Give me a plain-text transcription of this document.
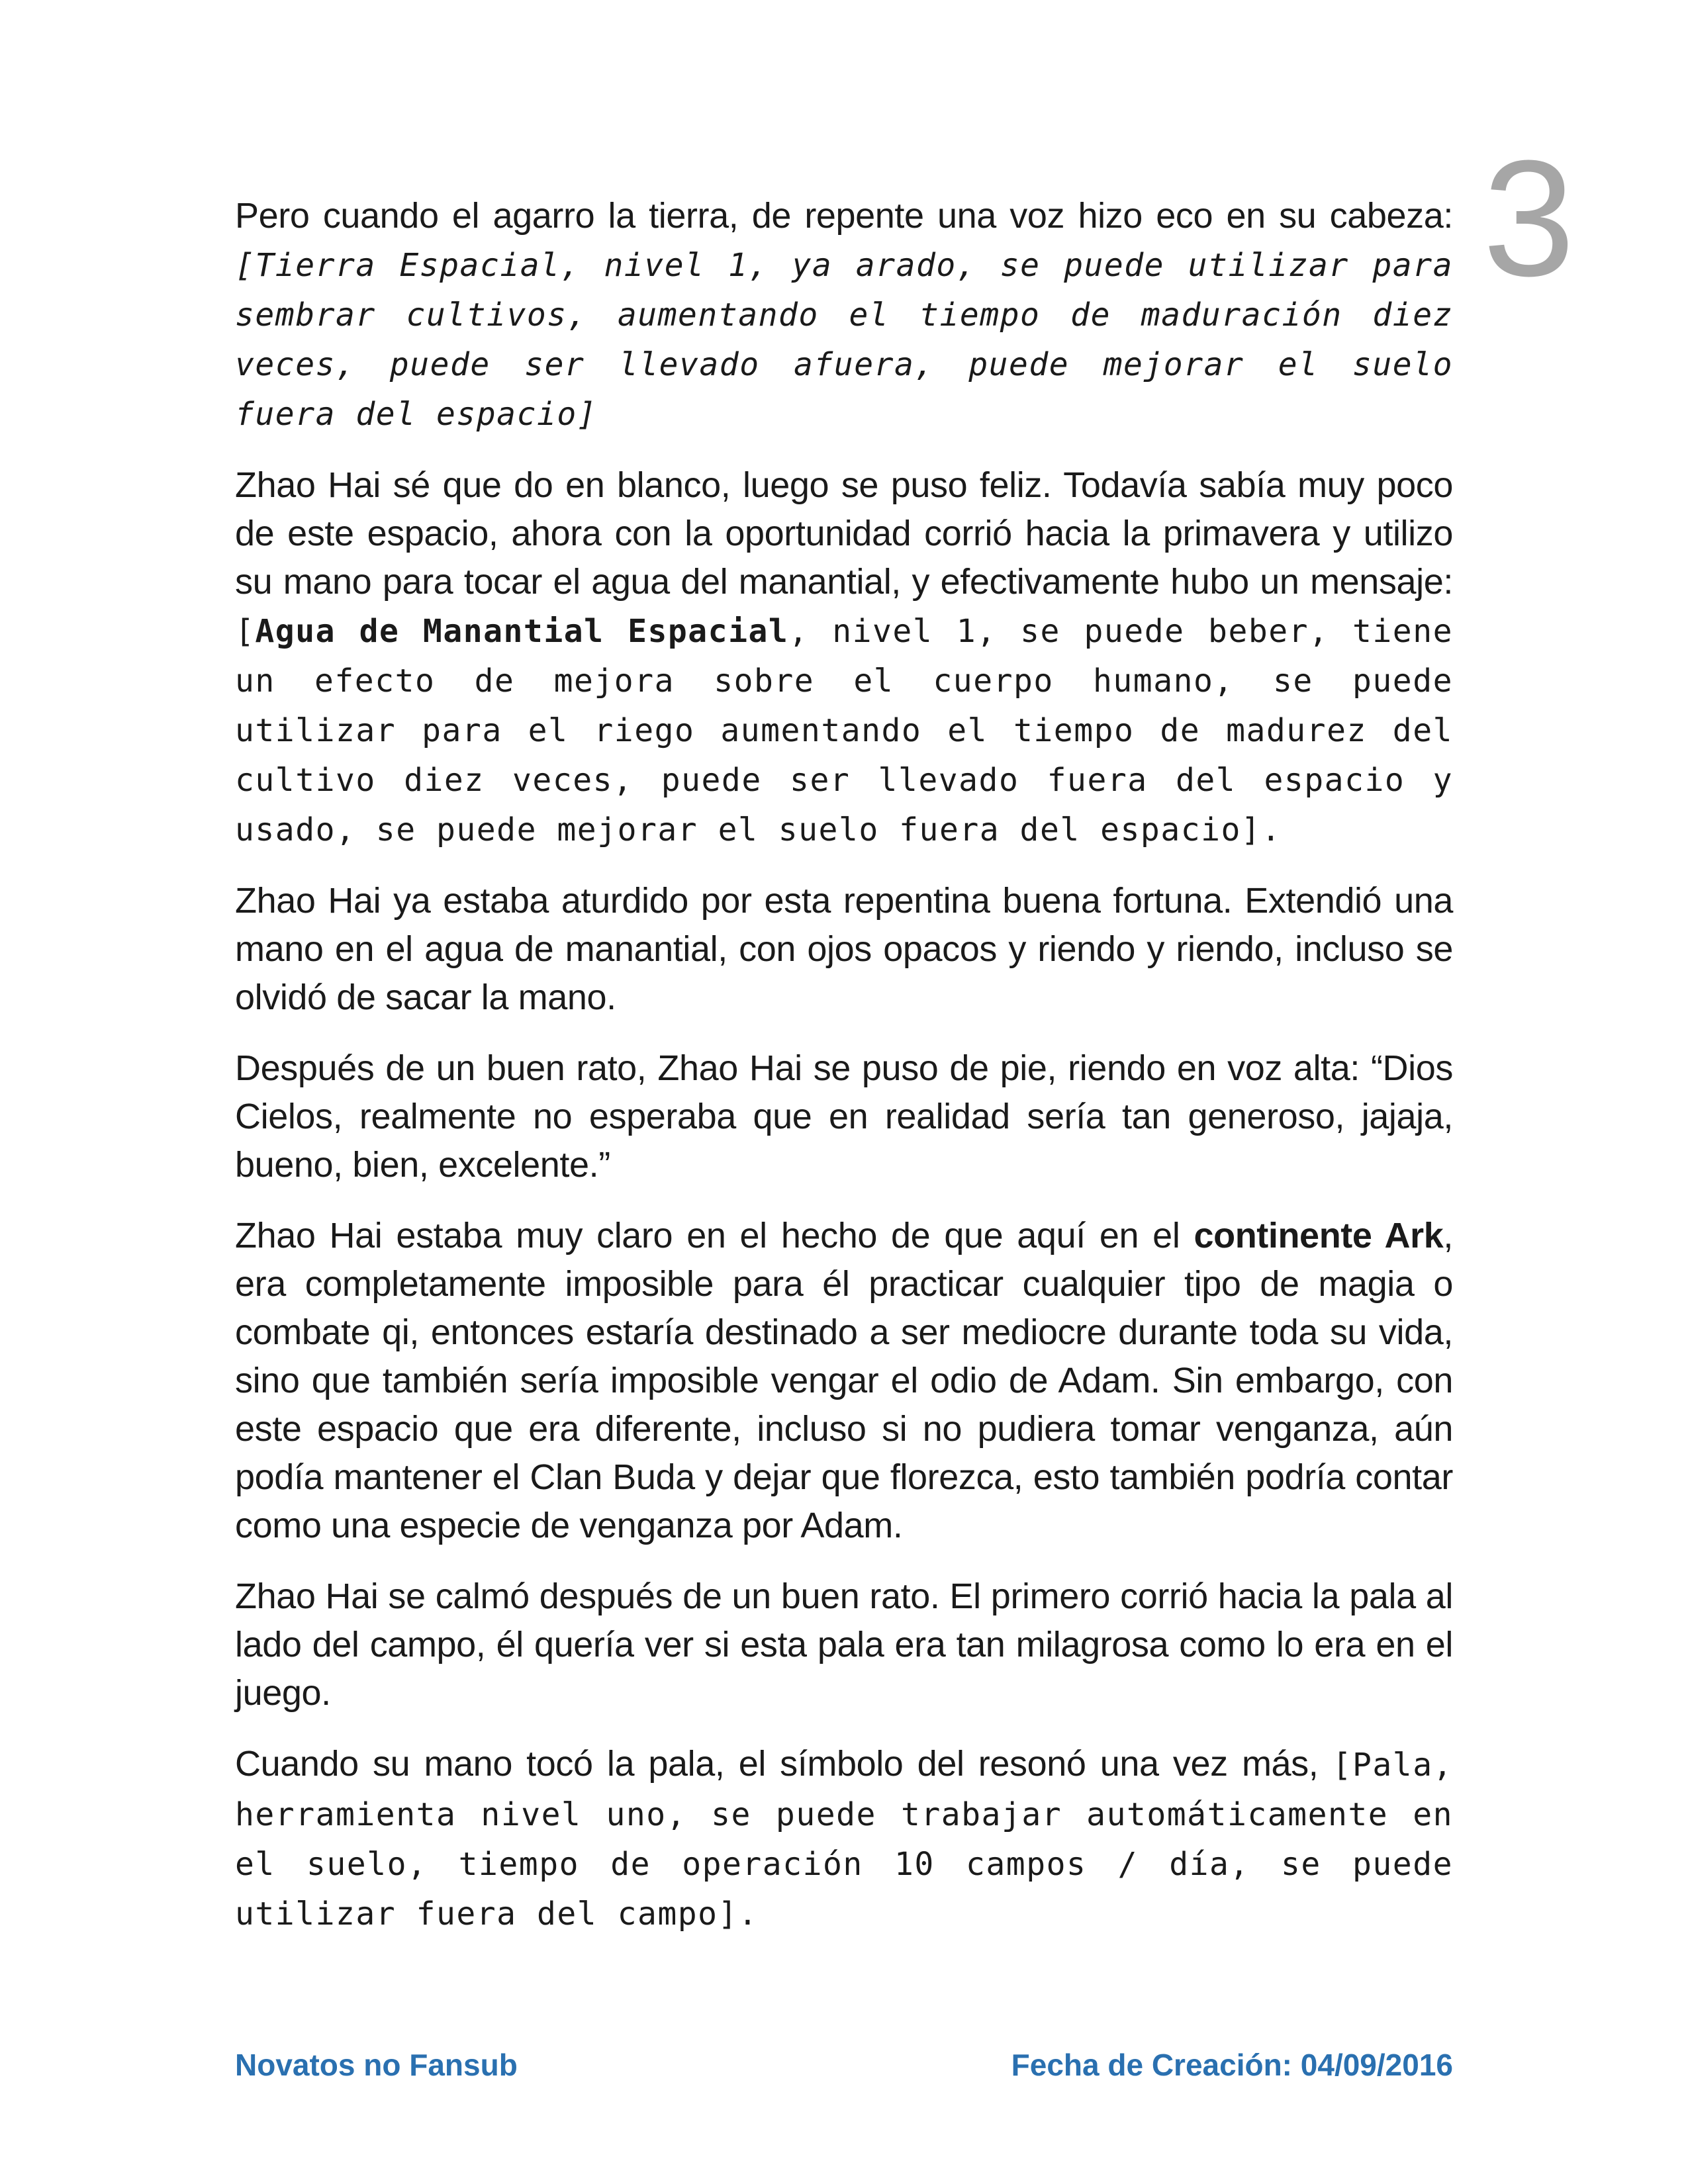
3

Pero cuando el agarro la tierra, de repente una voz hizo eco en su cabeza: [Tierra Espacial, nivel 1, ya arado, se puede utilizar para sembrar cultivos, aumentando el tiempo de maduración diez veces, puede ser llevado afuera, puede mejorar el suelo fuera del espacio]

Zhao Hai sé que do en blanco, luego se puso feliz. Todavía sabía muy poco de este espacio, ahora con la oportunidad corrió hacia la primavera y utilizo su mano para tocar el agua del manantial, y efectivamente hubo un mensaje: [Agua de Manantial Espacial, nivel 1, se puede beber, tiene un efecto de mejora sobre el cuerpo humano, se puede utilizar para el riego aumentando el tiempo de madurez del cultivo diez veces, puede ser llevado fuera del espacio y usado, se puede mejorar el suelo fuera del espacio].

Zhao Hai ya estaba aturdido por esta repentina buena fortuna. Extendió una mano en el agua de manantial, con ojos opacos y riendo y riendo, incluso se olvidó de sacar la mano.

Después de un buen rato, Zhao Hai se puso de pie, riendo en voz alta: “Dios Cielos, realmente no esperaba que en realidad sería tan generoso, jajaja, bueno, bien, excelente.”

Zhao Hai estaba muy claro en el hecho de que aquí en el continente Ark, era completamente imposible para él practicar cualquier tipo de magia o combate qi, entonces estaría destinado a ser mediocre durante toda su vida, sino que también sería imposible vengar el odio de Adam. Sin embargo, con este espacio que era diferente, incluso si no pudiera tomar venganza, aún podía mantener el Clan Buda y dejar que florezca, esto también podría contar como una especie de venganza por Adam.

Zhao Hai se calmó después de un buen rato. El primero corrió hacia la pala al lado del campo, él quería ver si esta pala era tan milagrosa como lo era en el juego.

Cuando su mano tocó la pala, el símbolo del resonó una vez más, [Pala, herramienta nivel uno, se puede trabajar automáticamente en el suelo, tiempo de operación 10 campos / día, se puede utilizar fuera del campo].

Novatos no Fansub	Fecha de Creación: 04/09/2016
